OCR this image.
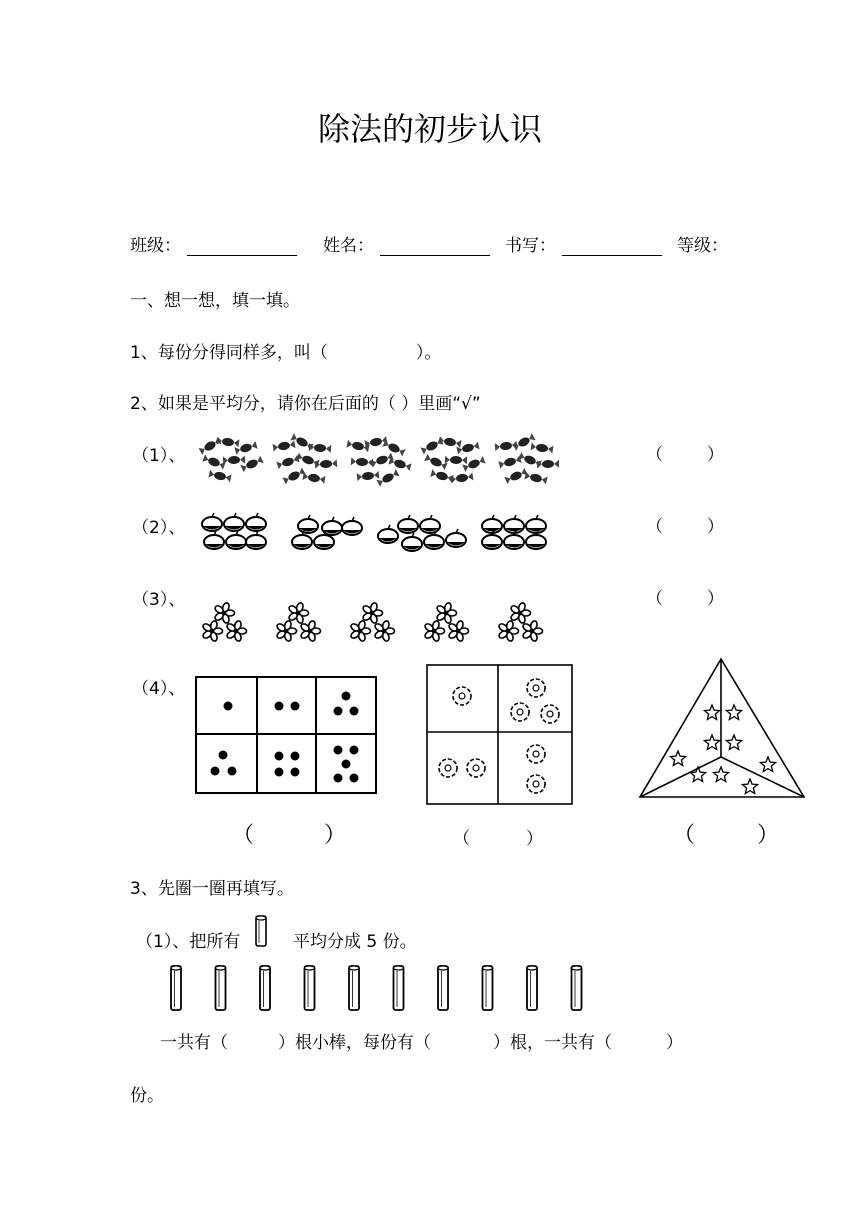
除法的初步认识
班级：	姓名：	书写：	等级：
一、想一想，填一填。
1、每份分得同样多，叫（	）。
2、如果是平均分，请你在后面的（ ）里画“√”
（1）、
（2）、
（3）、
（4）、
（	）
（	）
（	）
（	）	（	）	（	）
3、先圈一圈再填写。
（1）、把所有	平均分成 5 份。
一共有（	）根小棒，每份有（	）根，一共有（	）
份。
